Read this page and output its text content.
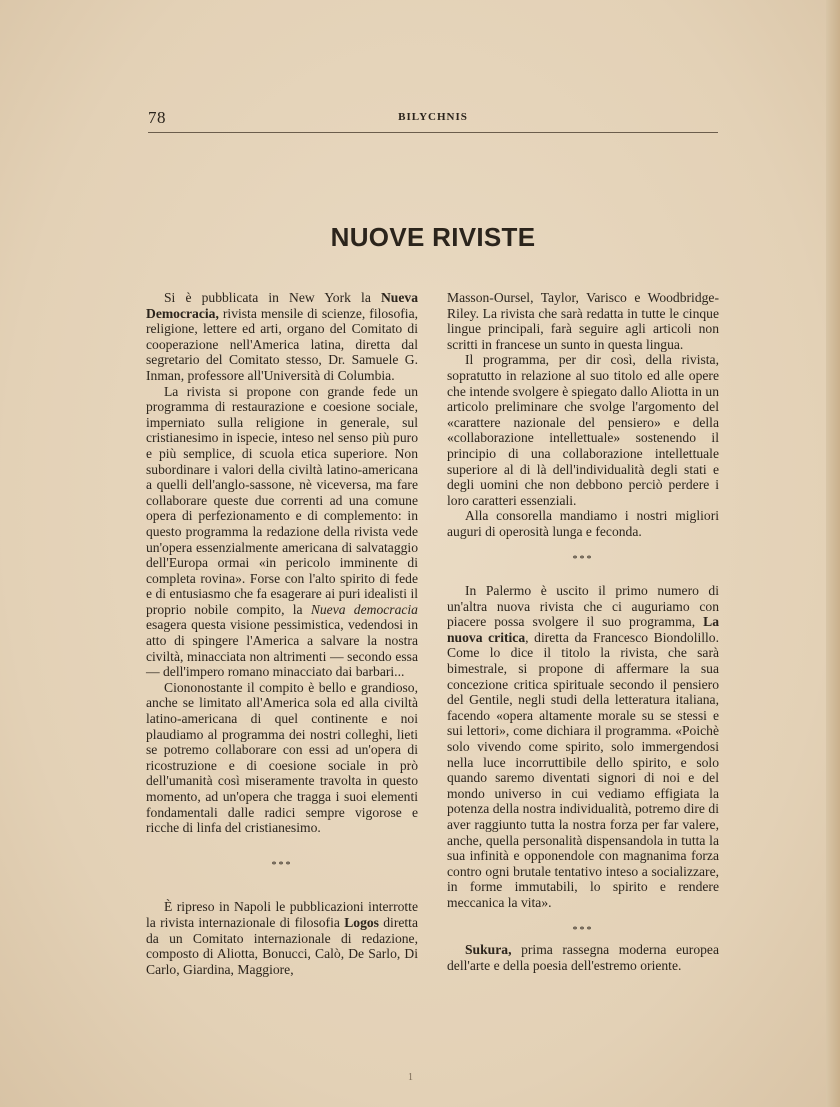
78	BILYCHNIS
NUOVE RIVISTE

Si è pubblicata in New York la Nueva Democracia, rivista mensile di scienze, filosofia, religione, lettere ed arti, organo del Comitato di cooperazione nell'America latina, diretta dal segretario del Comitato stesso, Dr. Samuele G. Inman, professore all'Università di Columbia.

La rivista si propone con grande fede un programma di restaurazione e coesione sociale, imperniato sulla religione in generale, sul cristianesimo in ispecie, inteso nel senso più puro e più semplice, di scuola etica superiore. Non subordinare i valori della civiltà latino-americana a quelli dell'anglo-sassone, nè viceversa, ma fare collaborare queste due correnti ad una comune opera di perfezionamento e di complemento: in questo programma la redazione della rivista vede un'opera essenzialmente americana di salvataggio dell'Europa ormai «in pericolo imminente di completa rovina». Forse con l'alto spirito di fede e di entusiasmo che fa esagerare ai puri idealisti il proprio nobile compito, la Nueva democracia esagera questa visione pessimistica, vedendosi in atto di spingere l'America a salvare la nostra civiltà, minacciata non altrimenti — secondo essa — dell'impero romano minacciato dai barbari...

Ciononostante il compito è bello e grandioso, anche se limitato all'America sola ed alla civiltà latino-americana di quel continente e noi plaudiamo al programma dei nostri colleghi, lieti se potremo collaborare con essi ad un'opera di ricostruzione e di coesione sociale in prò dell'umanità così miseramente travolta in questo momento, ad un'opera che tragga i suoi elementi fondamentali dalle radici sempre vigorose e ricche di linfa del cristianesimo.

***

È ripreso in Napoli le pubblicazioni interrotte la rivista internazionale di filosofia Logos diretta da un Comitato internazionale di redazione, composto di Aliotta, Bonucci, Calò, De Sarlo, Di Carlo, Giardina, Maggiore,

Masson-Oursel, Taylor, Varisco e Woodbridge-Riley. La rivista che sarà redatta in tutte le cinque lingue principali, farà seguire agli articoli non scritti in francese un sunto in questa lingua.

Il programma, per dir così, della rivista, sopratutto in relazione al suo titolo ed alle opere che intende svolgere è spiegato dallo Aliotta in un articolo preliminare che svolge l'argomento del «carattere nazionale del pensiero» e della «collaborazione intellettuale» sostenendo il principio di una collaborazione intellettuale superiore al di là dell'individualità degli stati e degli uomini che non debbono perciò perdere i loro caratteri essenziali.

Alla consorella mandiamo i nostri migliori auguri di operosità lunga e feconda.

***

In Palermo è uscito il primo numero di un'altra nuova rivista che ci auguriamo con piacere possa svolgere il suo programma, La nuova critica, diretta da Francesco Biondolillo. Come lo dice il titolo la rivista, che sarà bimestrale, si propone di affermare la sua concezione critica spirituale secondo il pensiero del Gentile, negli studi della letteratura italiana, facendo «opera altamente morale su se stessi e sui lettori», come dichiara il programma. «Poichè solo vivendo come spirito, solo immergendosi nella luce incorruttibile dello spirito, e solo quando saremo diventati signori di noi e del mondo universo in cui vediamo effigiata la potenza della nostra individualità, potremo dire di aver raggiunto tutta la nostra forza per far valere, anche, quella personalità dispensandola in tutta la sua infinità e opponendole con magnanima forza contro ogni brutale tentativo inteso a socializzare, in forme immutabili, lo spirito e rendere meccanica la vita».

***

Sukura, prima rassegna moderna europea dell'arte e della poesia dell'estremo oriente.

1
